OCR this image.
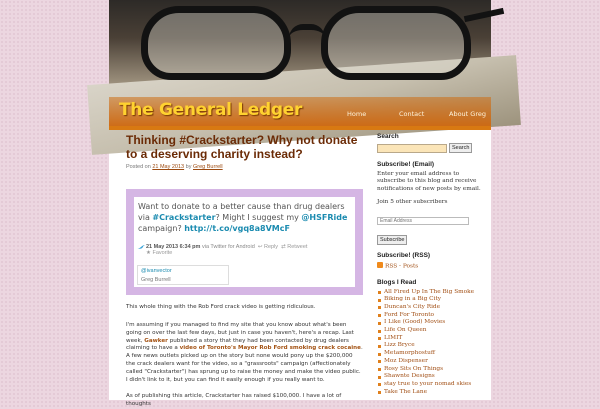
The General Ledger	Home	Contact	About Greg
Thinking #Crackstarter? Why not donate to a deserving charity instead?
Posted on 21 May 2013 by Greg Burrell
Want to donate to a better cause than drug dealers via #Crackstarter? Might I suggest my @HSFRide campaign? http://t.co/vgq8a8VMcF
21 May 2013 6:34 pm via Twitter for Android ↩ Reply ⇄ Retweet
★ Favorite
@ivanvector
Greg Burrell
This whole thing with the Rob Ford crack video is getting ridiculous.
I'm assuming if you managed to find my site that you know about what's been going on over the last few days, but just in case you haven't, here's a recap. Last week, Gawker published a story that they had been contacted by drug dealers claiming to have a video of Toronto's Mayor Rob Ford smoking crack cocaine. A few news outlets picked up on the story but none would pony up the $200,000 the crack dealers want for the video, so a "grassroots" campaign (affectionately called "Crackstarter") has sprung up to raise the money and make the video public. I didn't link to it, but you can find it easily enough if you really want to.
As of publishing this article, Crackstarter has raised $100,000. I have a lot of thoughts
Search
Search
Subscribe! (Email)
Enter your email address to subscribe to this blog and receive notifications of new posts by email.
Join 5 other subscribers
Email Address
Subscribe
Subscribe! (RSS)
RSS - Posts
Blogs I Read
All Fired Up In The Big Smoke
Biking in a Big City
Duncan's City Ride
Ford For Toronto
I Like (Good) Movies
Life On Queen
LIMIT
Lizz Bryce
Metamorphostuff
Moz Dispenser
Rosy Sits On Things
Shawnte Designs
stay true to your nomad skies
Take The Lane
